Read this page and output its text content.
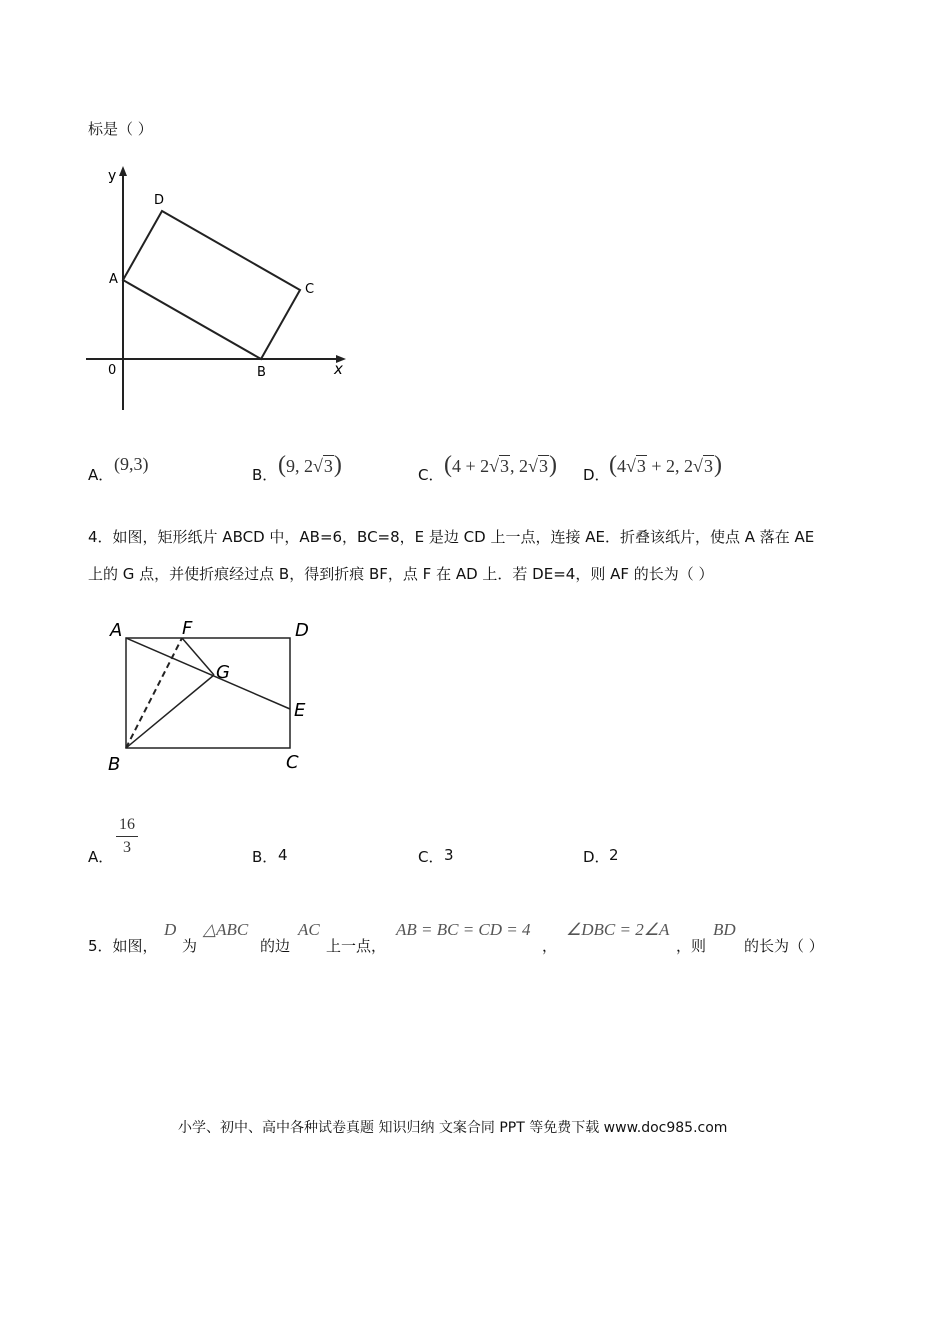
标是（ ）
y
x
0
A
B
C
D
A．
(9,3)
B． (9, 2√3)	C． (4 + 2√3, 2√3) D． (4√3 + 2, 2√3)
4．如图，矩形纸片 ABCD 中，AB=6，BC=8，E 是边 CD 上一点，连接 AE．折叠该纸片，使点 A 落在 AE
上的 G 点，并使折痕经过点 B，得到折痕 BF，点 F 在 AD 上．若 DE=4，则 AF 的长为（ ）
A	F	D
G
E
B	C
A．
16
3
B． 4	C． 3	D． 2
5．如图，
D
为
△ABC
的边
AC
上一点，
AB = BC = CD = 4
，
∠DBC = 2∠A
，则
BD
的长为（ ）
小学、初中、高中各种试卷真题 知识归纳 文案合同 PPT 等免费下载 www.doc985.com
